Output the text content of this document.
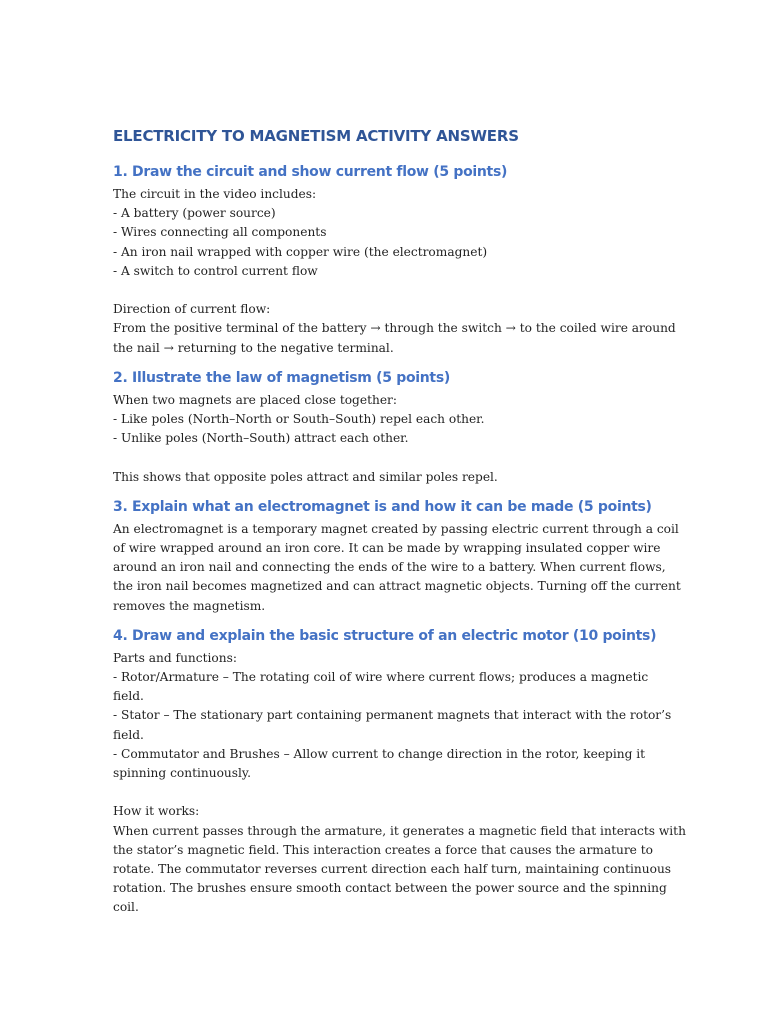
ELECTRICITY TO MAGNETISM ACTIVITY ANSWERS
1. Draw the circuit and show current flow (5 points)

The circuit in the video includes:

- A battery (power source)

- Wires connecting all components

- An iron nail wrapped with copper wire (the electromagnet)

- A switch to control current flow

Direction of current flow:

From the positive terminal of the battery → through the switch → to the coiled wire around

the nail → returning to the negative terminal.

2. Illustrate the law of magnetism (5 points)

When two magnets are placed close together:

- Like poles (North–North or South–South) repel each other.

- Unlike poles (North–South) attract each other.

This shows that opposite poles attract and similar poles repel.

3. Explain what an electromagnet is and how it can be made (5 points)

An electromagnet is a temporary magnet created by passing electric current through a coil

of wire wrapped around an iron core. It can be made by wrapping insulated copper wire

around an iron nail and connecting the ends of the wire to a battery. When current flows,

the iron nail becomes magnetized and can attract magnetic objects. Turning off the current

removes the magnetism.

4. Draw and explain the basic structure of an electric motor (10 points)

Parts and functions:

- Rotor/Armature – The rotating coil of wire where current flows; produces a magnetic

field.

- Stator – The stationary part containing permanent magnets that interact with the rotor’s

field.

- Commutator and Brushes – Allow current to change direction in the rotor, keeping it

spinning continuously.

How it works:

When current passes through the armature, it generates a magnetic field that interacts with

the stator’s magnetic field. This interaction creates a force that causes the armature to

rotate. The commutator reverses current direction each half turn, maintaining continuous

rotation. The brushes ensure smooth contact between the power source and the spinning

coil.
